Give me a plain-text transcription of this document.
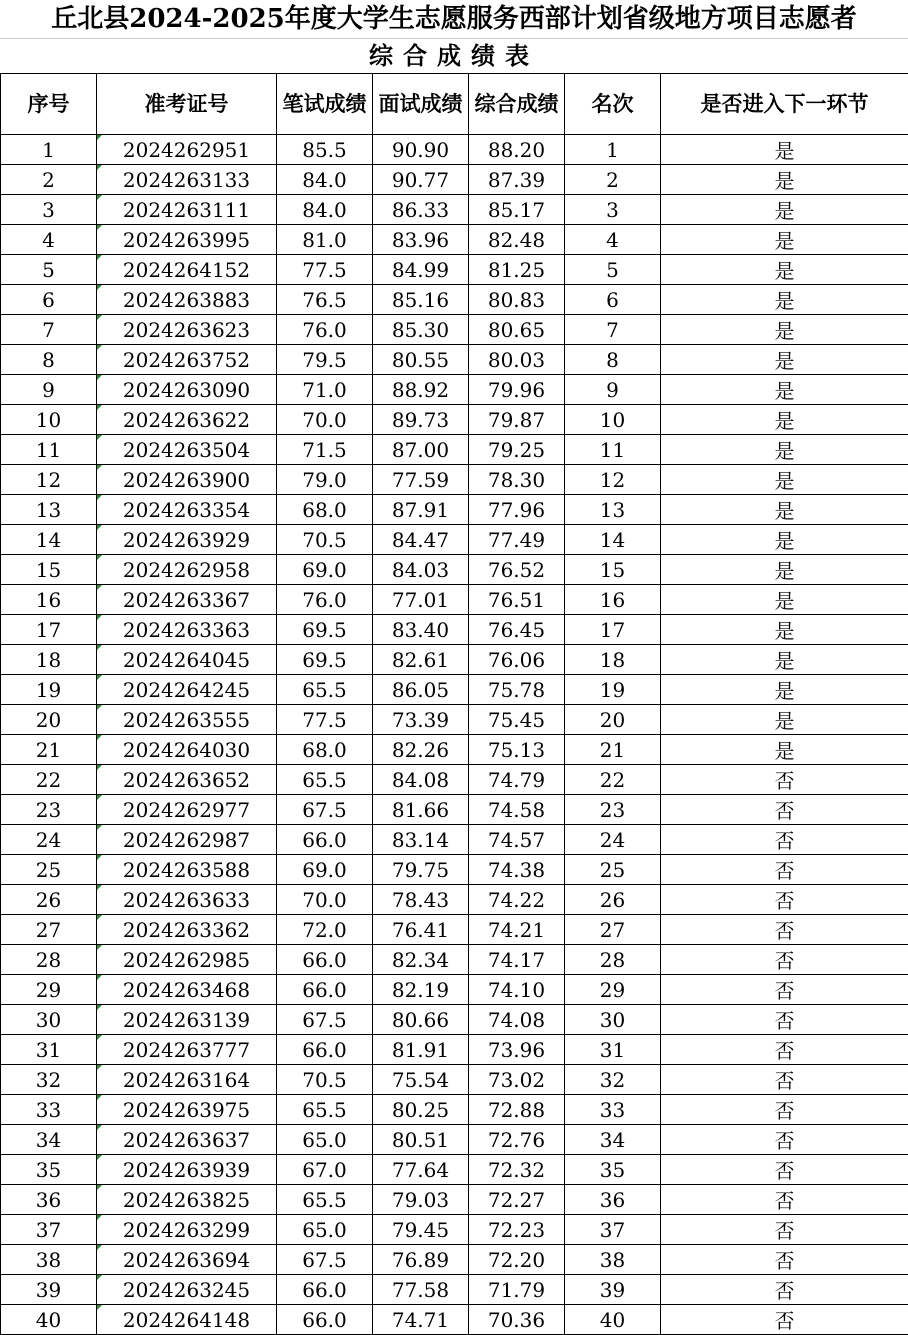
丘北县2024-2025年度大学生志愿服务西部计划省级地方项目志愿者
综合成绩表
序号	准考证号	笔试成绩	面试成绩	综合成绩	名次	是否进入下一环节
1	2024262951	85.5	90.90	88.20	1	是
2	2024263133	84.0	90.77	87.39	2	是
3	2024263111	84.0	86.33	85.17	3	是
4	2024263995	81.0	83.96	82.48	4	是
5	2024264152	77.5	84.99	81.25	5	是
6	2024263883	76.5	85.16	80.83	6	是
7	2024263623	76.0	85.30	80.65	7	是
8	2024263752	79.5	80.55	80.03	8	是
9	2024263090	71.0	88.92	79.96	9	是
10	2024263622	70.0	89.73	79.87	10	是
11	2024263504	71.5	87.00	79.25	11	是
12	2024263900	79.0	77.59	78.30	12	是
13	2024263354	68.0	87.91	77.96	13	是
14	2024263929	70.5	84.47	77.49	14	是
15	2024262958	69.0	84.03	76.52	15	是
16	2024263367	76.0	77.01	76.51	16	是
17	2024263363	69.5	83.40	76.45	17	是
18	2024264045	69.5	82.61	76.06	18	是
19	2024264245	65.5	86.05	75.78	19	是
20	2024263555	77.5	73.39	75.45	20	是
21	2024264030	68.0	82.26	75.13	21	是
22	2024263652	65.5	84.08	74.79	22	否
23	2024262977	67.5	81.66	74.58	23	否
24	2024262987	66.0	83.14	74.57	24	否
25	2024263588	69.0	79.75	74.38	25	否
26	2024263633	70.0	78.43	74.22	26	否
27	2024263362	72.0	76.41	74.21	27	否
28	2024262985	66.0	82.34	74.17	28	否
29	2024263468	66.0	82.19	74.10	29	否
30	2024263139	67.5	80.66	74.08	30	否
31	2024263777	66.0	81.91	73.96	31	否
32	2024263164	70.5	75.54	73.02	32	否
33	2024263975	65.5	80.25	72.88	33	否
34	2024263637	65.0	80.51	72.76	34	否
35	2024263939	67.0	77.64	72.32	35	否
36	2024263825	65.5	79.03	72.27	36	否
37	2024263299	65.0	79.45	72.23	37	否
38	2024263694	67.5	76.89	72.20	38	否
39	2024263245	66.0	77.58	71.79	39	否
40	2024264148	66.0	74.71	70.36	40	否
